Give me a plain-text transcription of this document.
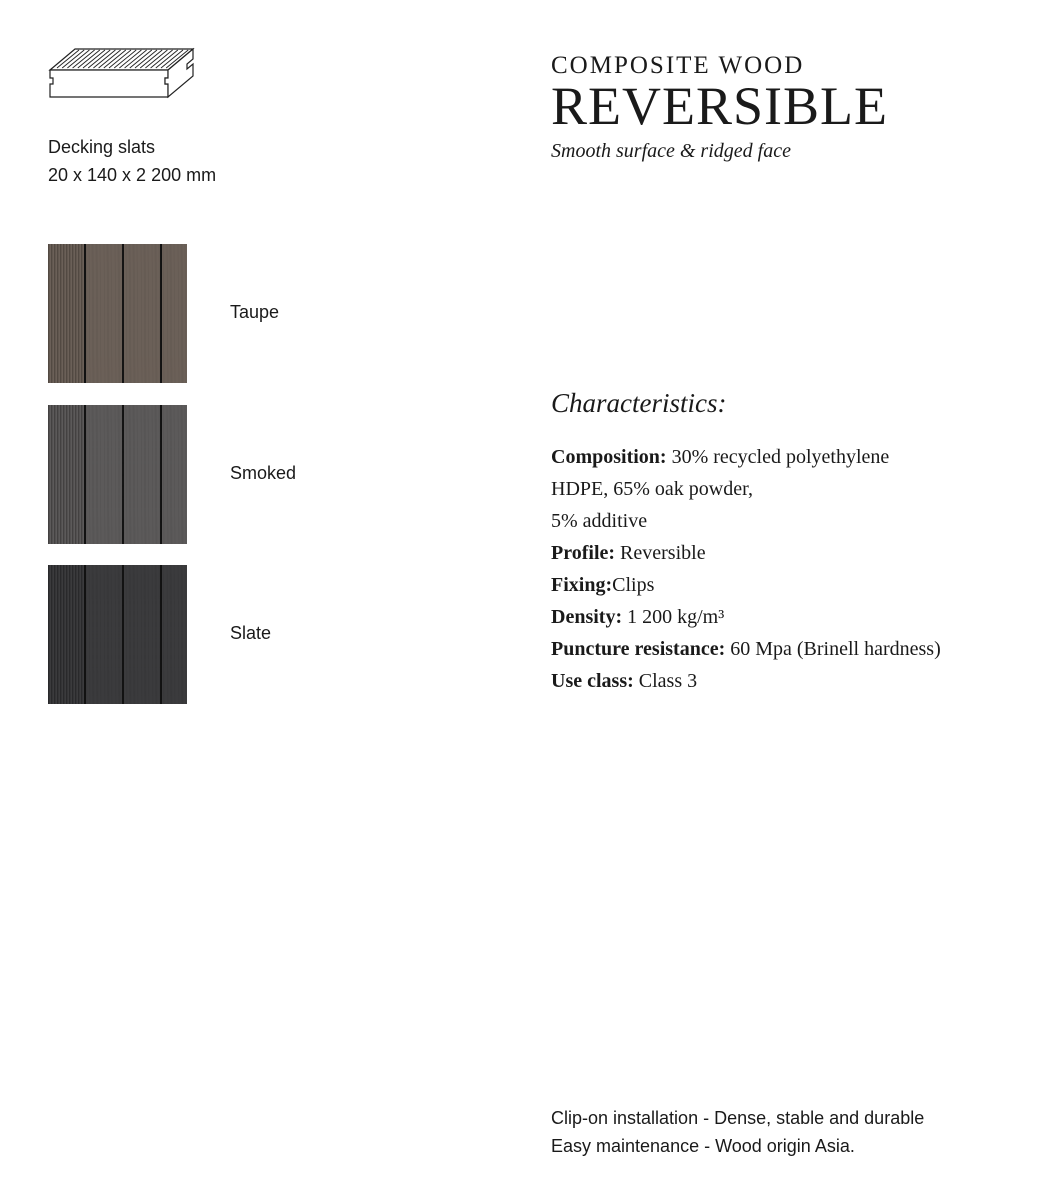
Decking slats
20 x 140 x 2 200 mm
Taupe
Smoked
Slate
COMPOSITE WOOD
REVERSIBLE
Smooth surface & ridged face
Characteristics:
Composition: 30% recycled polyethylene
HDPE, 65% oak powder,
5% additive
Profile: Reversible
Fixing:Clips
Density: 1 200 kg/m³
Puncture resistance: 60 Mpa (Brinell hardness)
Use class: Class 3
Clip-on installation - Dense, stable and durable
Easy maintenance - Wood origin Asia.
